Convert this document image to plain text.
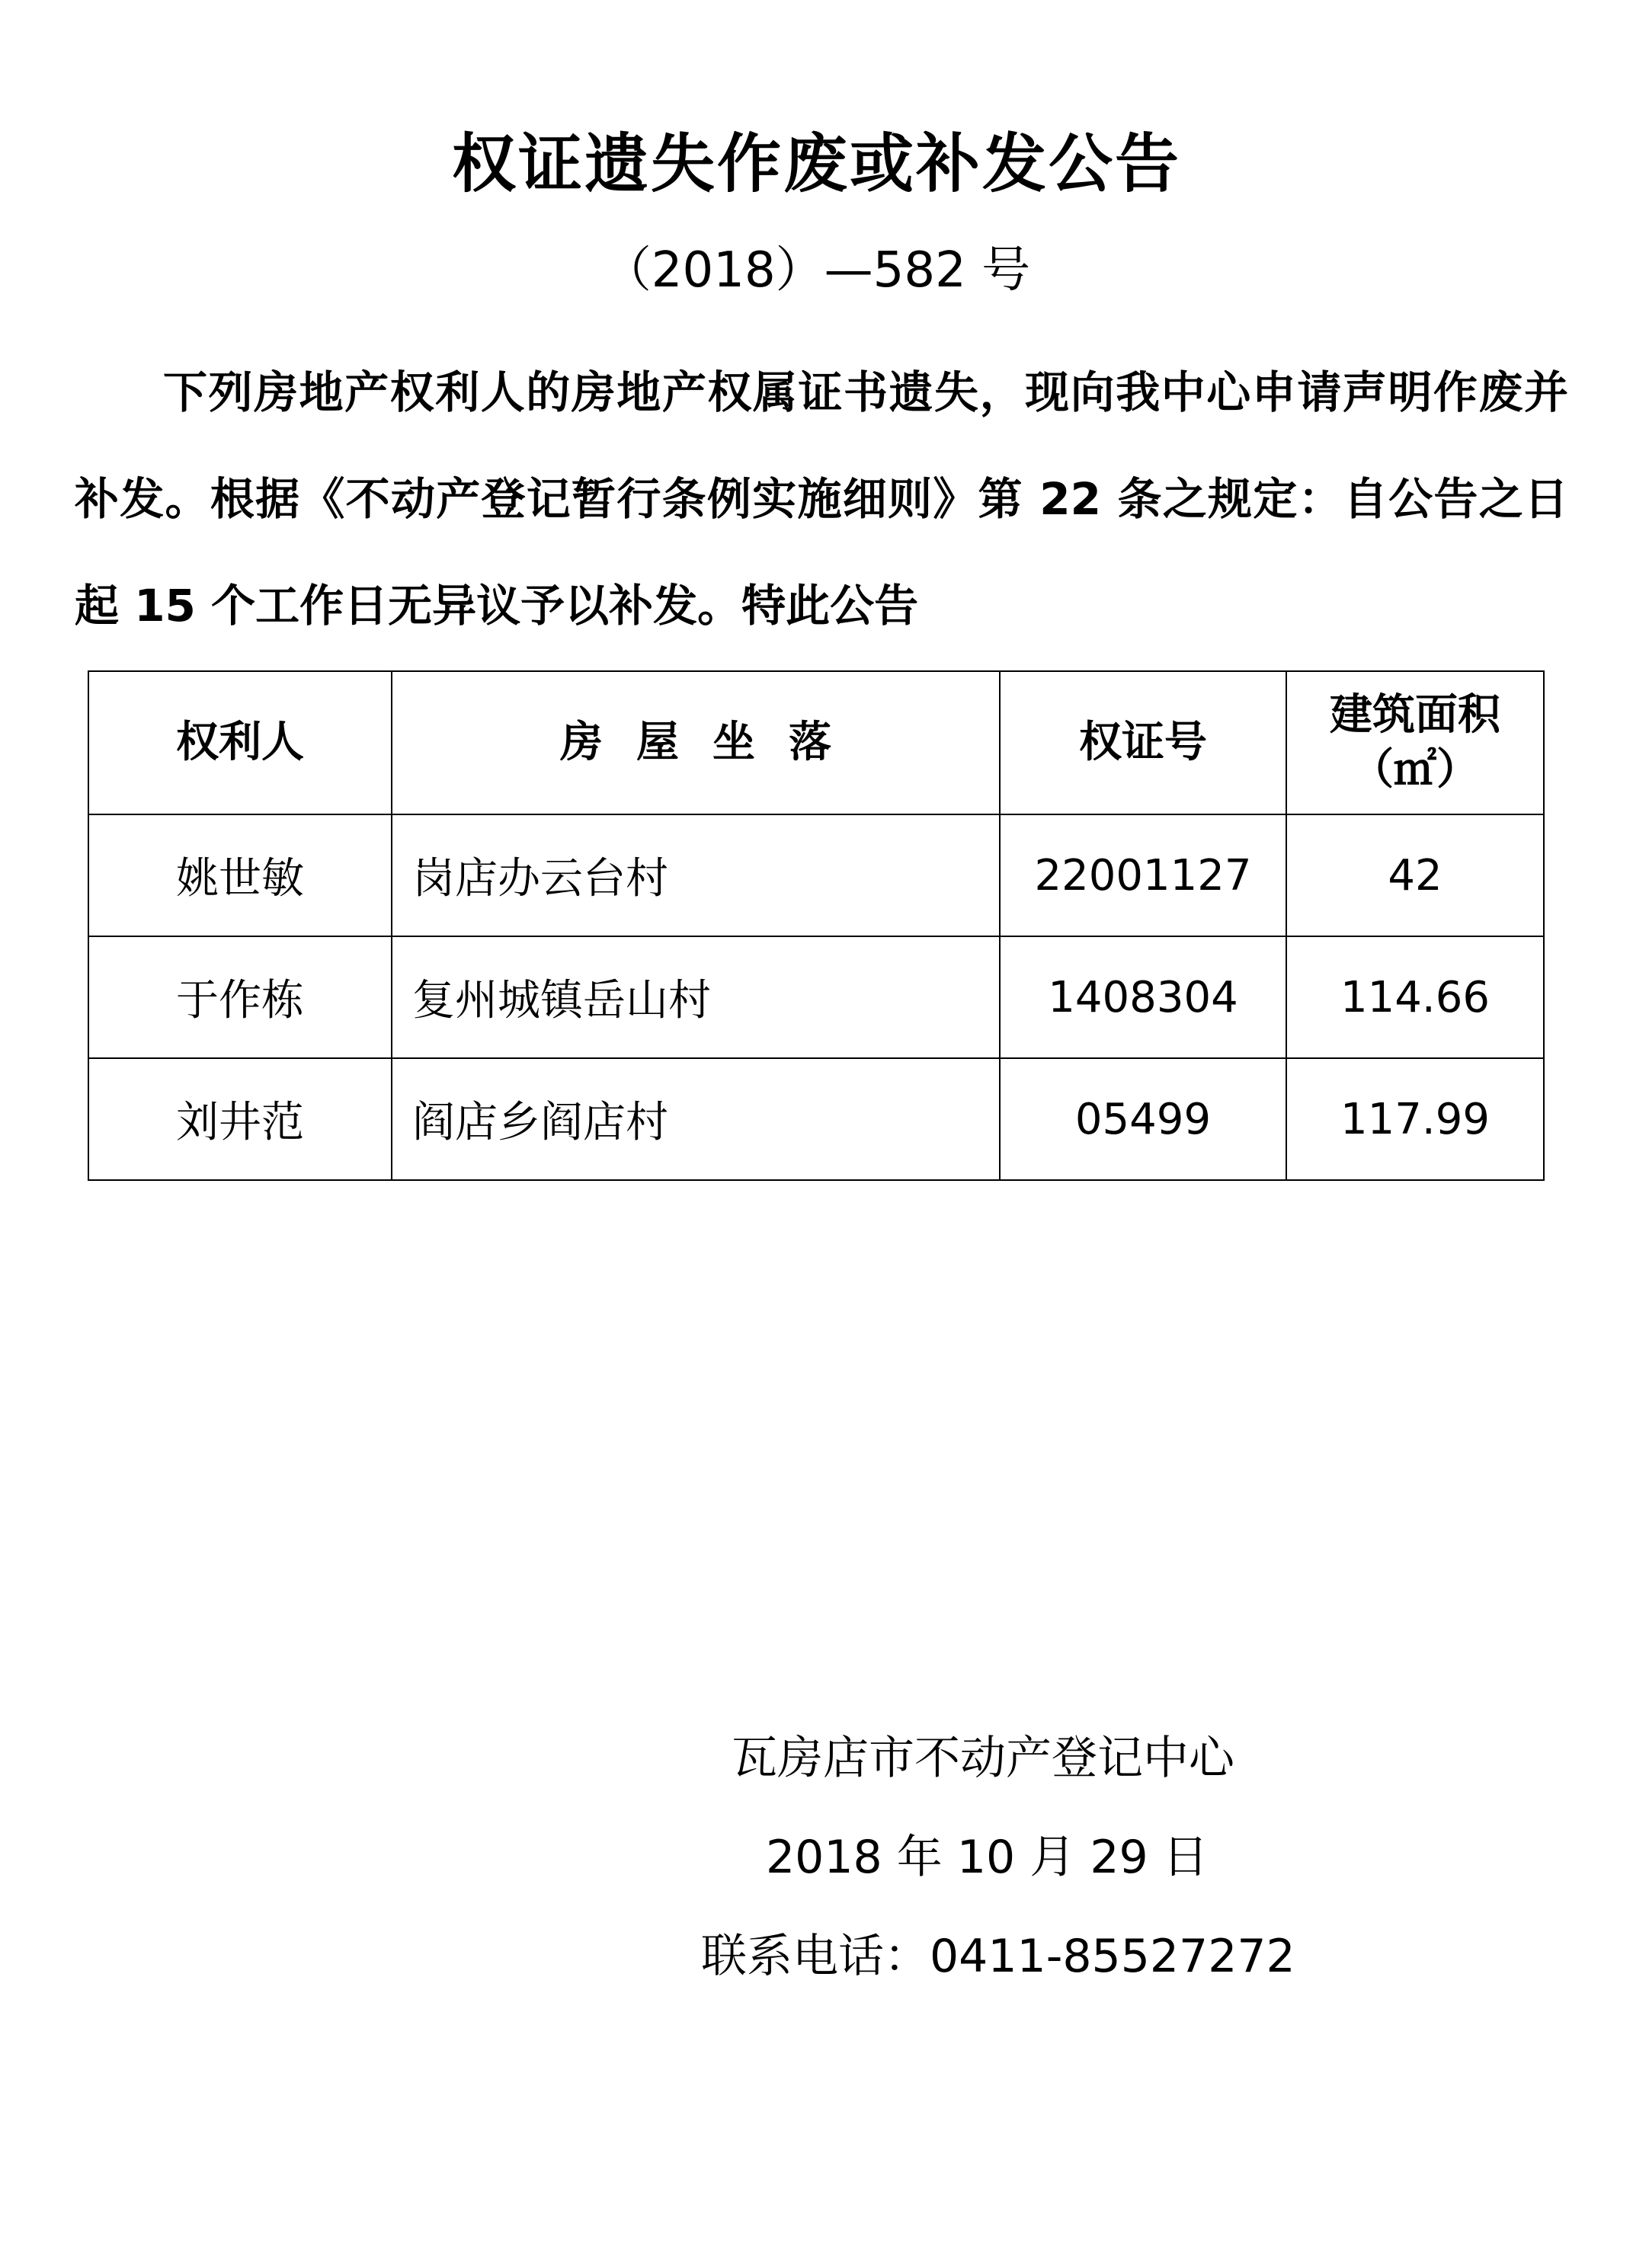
权证遗失作废或补发公告
（2018）—582 号

下列房地产权利人的房地产权属证书遗失，现向我中心申请声明作废并补发。根据《不动产登记暂行条例实施细则》第 22 条之规定：自公告之日起 15 个工作日无异议予以补发。特此公告

权利人	房屋坐落	权证号	建筑面积
（㎡）

姚世敏	岗店办云台村	22001127	42
于作栋	复州城镇岳山村	1408304	114.66
刘井范	阎店乡阎店村	05499	117.99
瓦房店市不动产登记中心
2018 年 10 月 29 日
联系电话：0411-85527272
